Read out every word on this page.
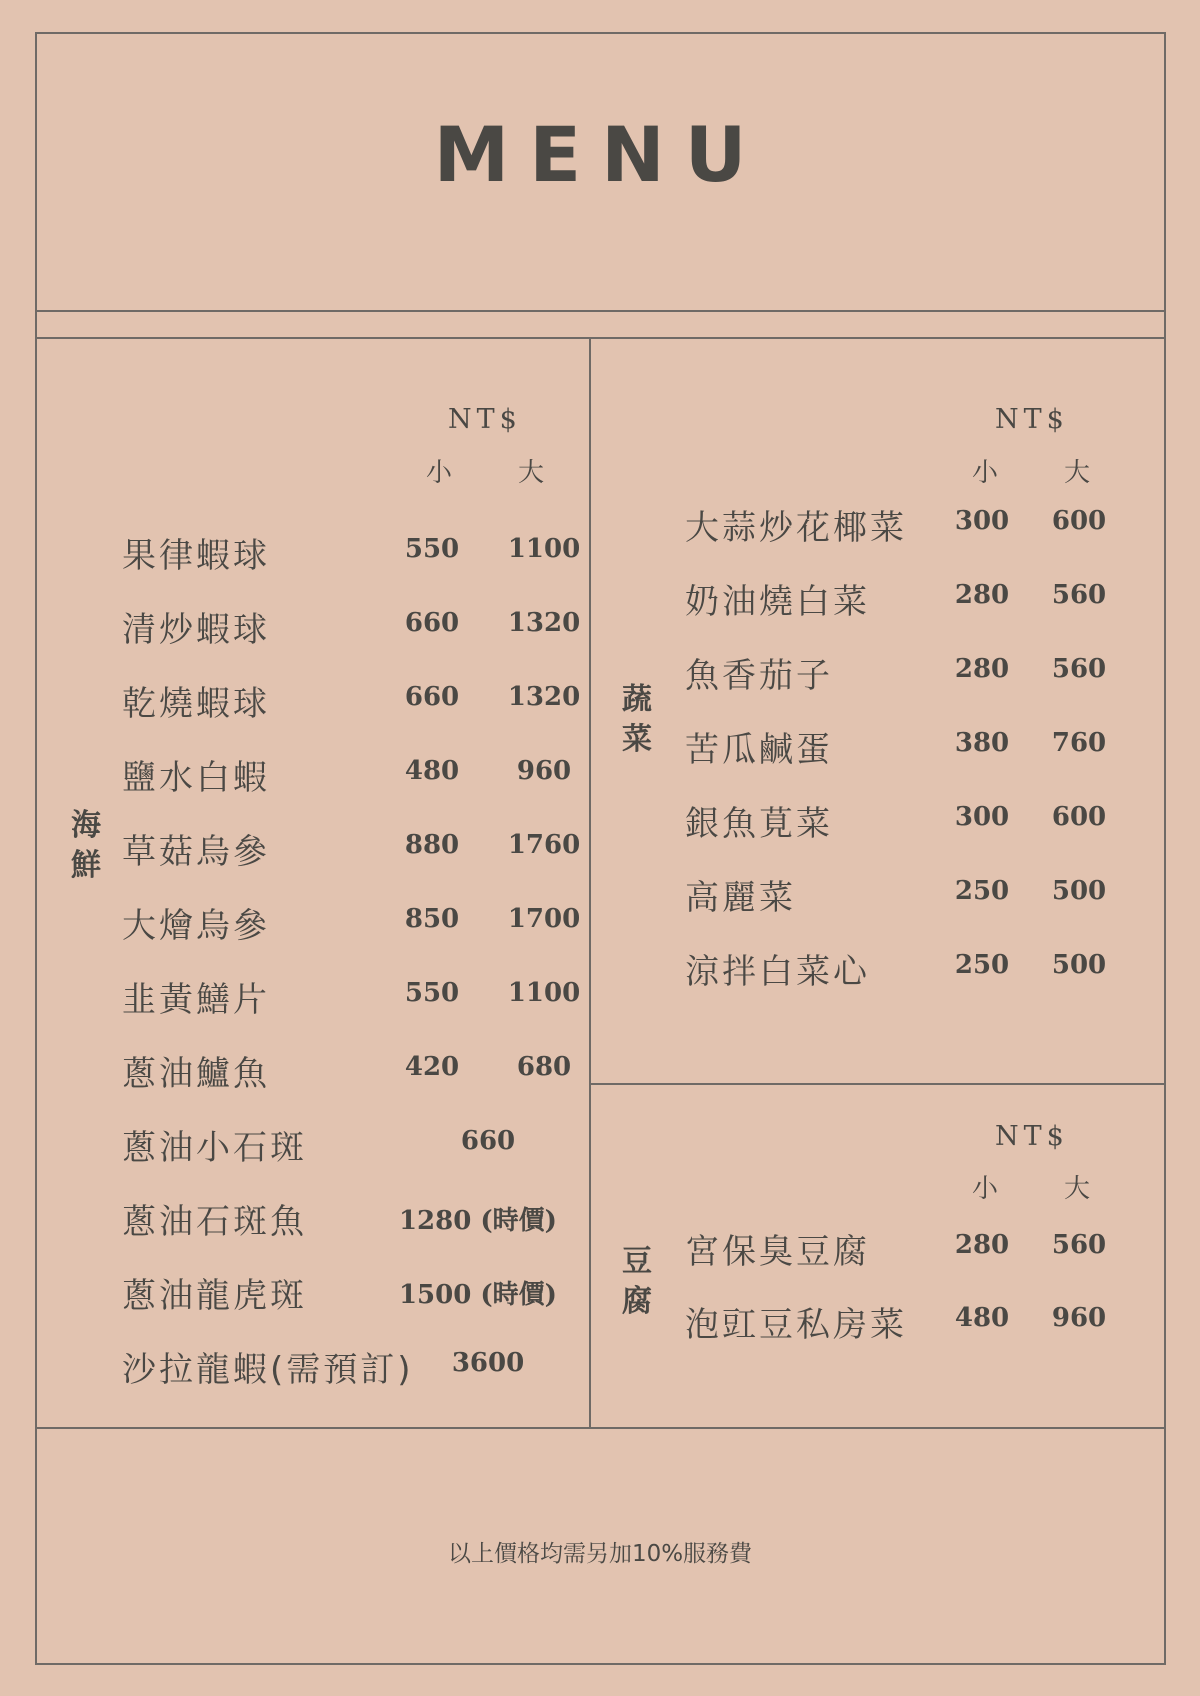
MENU
NT$
小	大
海
鮮
果律蝦球	550	1100
清炒蝦球	660	1320
乾燒蝦球	660	1320
鹽水白蝦	480	960
草菇烏參	880	1760
大燴烏參	850	1700
韭黃鱔片	550	1100
蔥油鱸魚	420	680
蔥油小石斑	660
蔥油石斑魚	1280 (時價)
蔥油龍虎斑	1500 (時價)
沙拉龍蝦(需預訂)	3600
NT$
小	大
蔬
菜
大蒜炒花椰菜	300	600
奶油燒白菜	280	560
魚香茄子	280	560
苦瓜鹹蛋	380	760
銀魚莧菜	300	600
高麗菜	250	500
涼拌白菜心	250	500
NT$
小	大
豆
腐
宮保臭豆腐	280	560
泡豇豆私房菜	480	960
以上價格均需另加10%服務費
